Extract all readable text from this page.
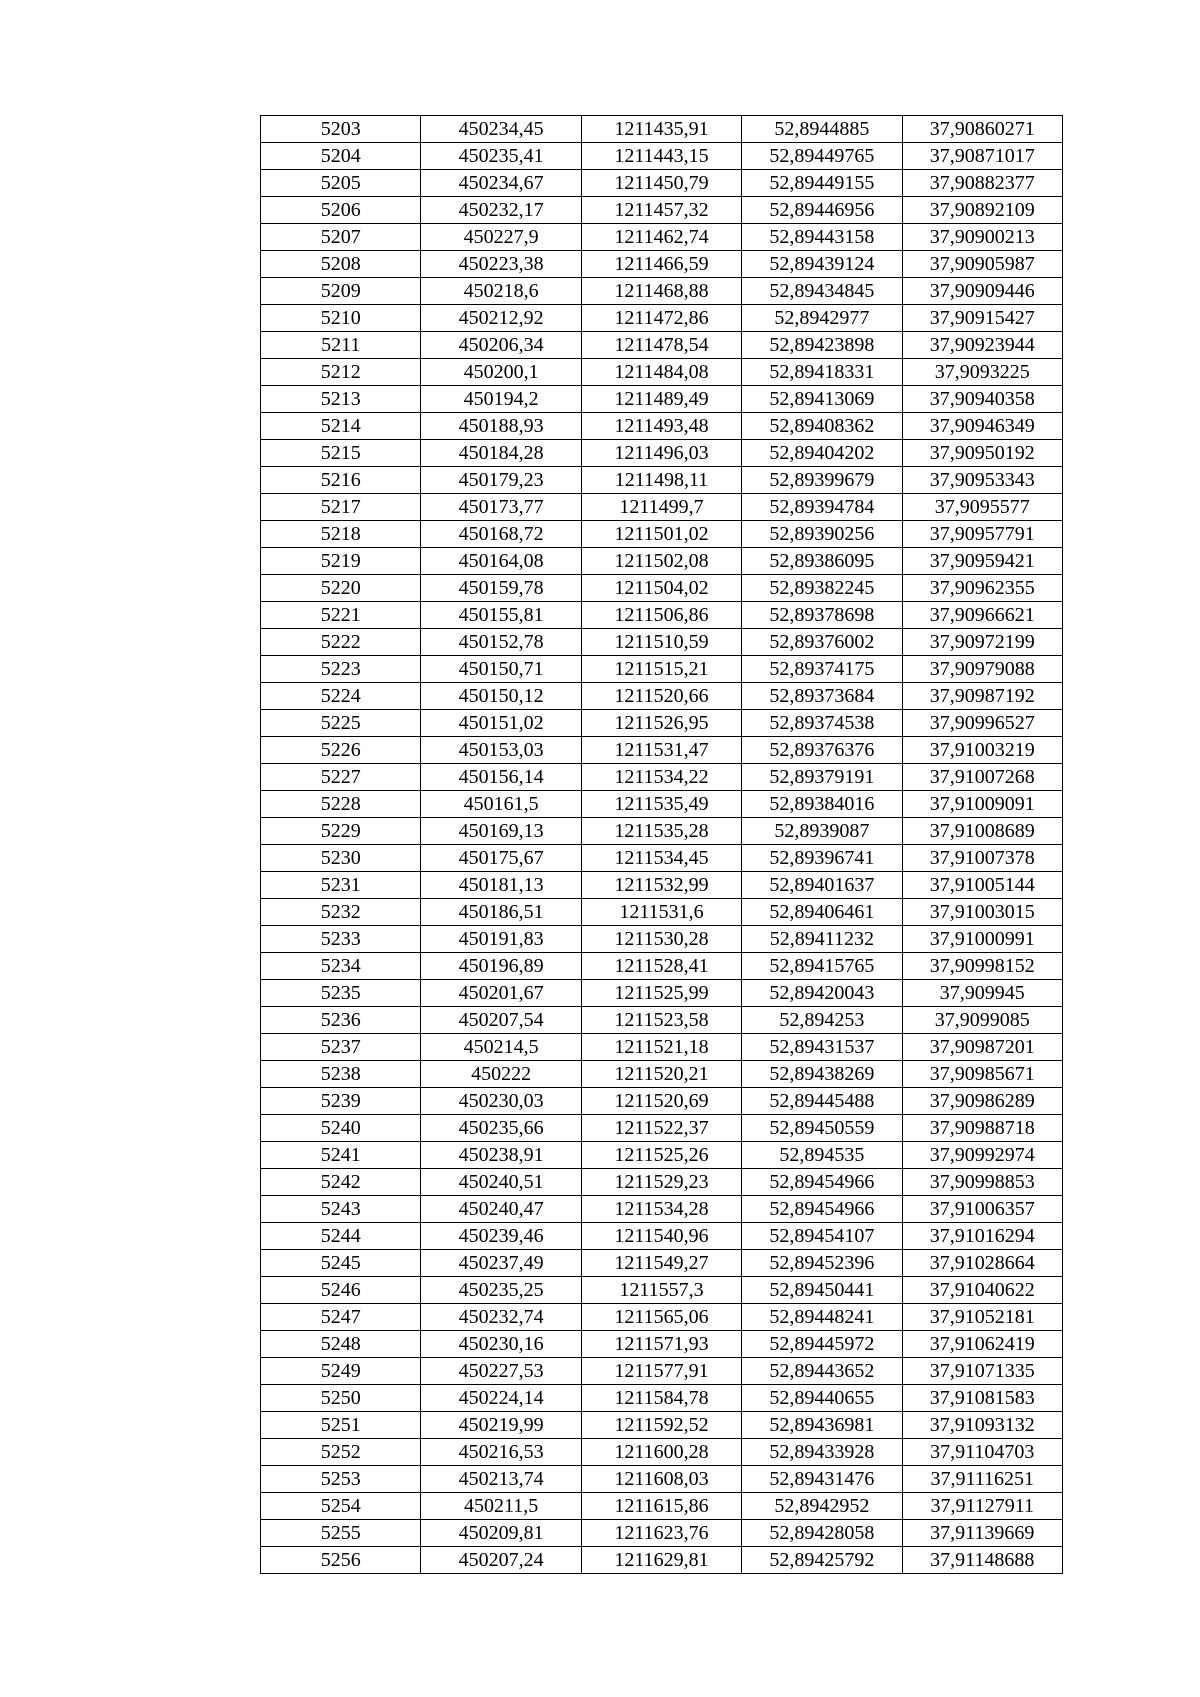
5203	450234,45	1211435,91	52,8944885	37,90860271
5204	450235,41	1211443,15	52,89449765	37,90871017
5205	450234,67	1211450,79	52,89449155	37,90882377
5206	450232,17	1211457,32	52,89446956	37,90892109
5207	450227,9	1211462,74	52,89443158	37,90900213
5208	450223,38	1211466,59	52,89439124	37,90905987
5209	450218,6	1211468,88	52,89434845	37,90909446
5210	450212,92	1211472,86	52,8942977	37,90915427
5211	450206,34	1211478,54	52,89423898	37,90923944
5212	450200,1	1211484,08	52,89418331	37,9093225
5213	450194,2	1211489,49	52,89413069	37,90940358
5214	450188,93	1211493,48	52,89408362	37,90946349
5215	450184,28	1211496,03	52,89404202	37,90950192
5216	450179,23	1211498,11	52,89399679	37,90953343
5217	450173,77	1211499,7	52,89394784	37,9095577
5218	450168,72	1211501,02	52,89390256	37,90957791
5219	450164,08	1211502,08	52,89386095	37,90959421
5220	450159,78	1211504,02	52,89382245	37,90962355
5221	450155,81	1211506,86	52,89378698	37,90966621
5222	450152,78	1211510,59	52,89376002	37,90972199
5223	450150,71	1211515,21	52,89374175	37,90979088
5224	450150,12	1211520,66	52,89373684	37,90987192
5225	450151,02	1211526,95	52,89374538	37,90996527
5226	450153,03	1211531,47	52,89376376	37,91003219
5227	450156,14	1211534,22	52,89379191	37,91007268
5228	450161,5	1211535,49	52,89384016	37,91009091
5229	450169,13	1211535,28	52,8939087	37,91008689
5230	450175,67	1211534,45	52,89396741	37,91007378
5231	450181,13	1211532,99	52,89401637	37,91005144
5232	450186,51	1211531,6	52,89406461	37,91003015
5233	450191,83	1211530,28	52,89411232	37,91000991
5234	450196,89	1211528,41	52,89415765	37,90998152
5235	450201,67	1211525,99	52,89420043	37,909945
5236	450207,54	1211523,58	52,894253	37,9099085
5237	450214,5	1211521,18	52,89431537	37,90987201
5238	450222	1211520,21	52,89438269	37,90985671
5239	450230,03	1211520,69	52,89445488	37,90986289
5240	450235,66	1211522,37	52,89450559	37,90988718
5241	450238,91	1211525,26	52,894535	37,90992974
5242	450240,51	1211529,23	52,89454966	37,90998853
5243	450240,47	1211534,28	52,89454966	37,91006357
5244	450239,46	1211540,96	52,89454107	37,91016294
5245	450237,49	1211549,27	52,89452396	37,91028664
5246	450235,25	1211557,3	52,89450441	37,91040622
5247	450232,74	1211565,06	52,89448241	37,91052181
5248	450230,16	1211571,93	52,89445972	37,91062419
5249	450227,53	1211577,91	52,89443652	37,91071335
5250	450224,14	1211584,78	52,89440655	37,91081583
5251	450219,99	1211592,52	52,89436981	37,91093132
5252	450216,53	1211600,28	52,89433928	37,91104703
5253	450213,74	1211608,03	52,89431476	37,91116251
5254	450211,5	1211615,86	52,8942952	37,91127911
5255	450209,81	1211623,76	52,89428058	37,91139669
5256	450207,24	1211629,81	52,89425792	37,91148688
